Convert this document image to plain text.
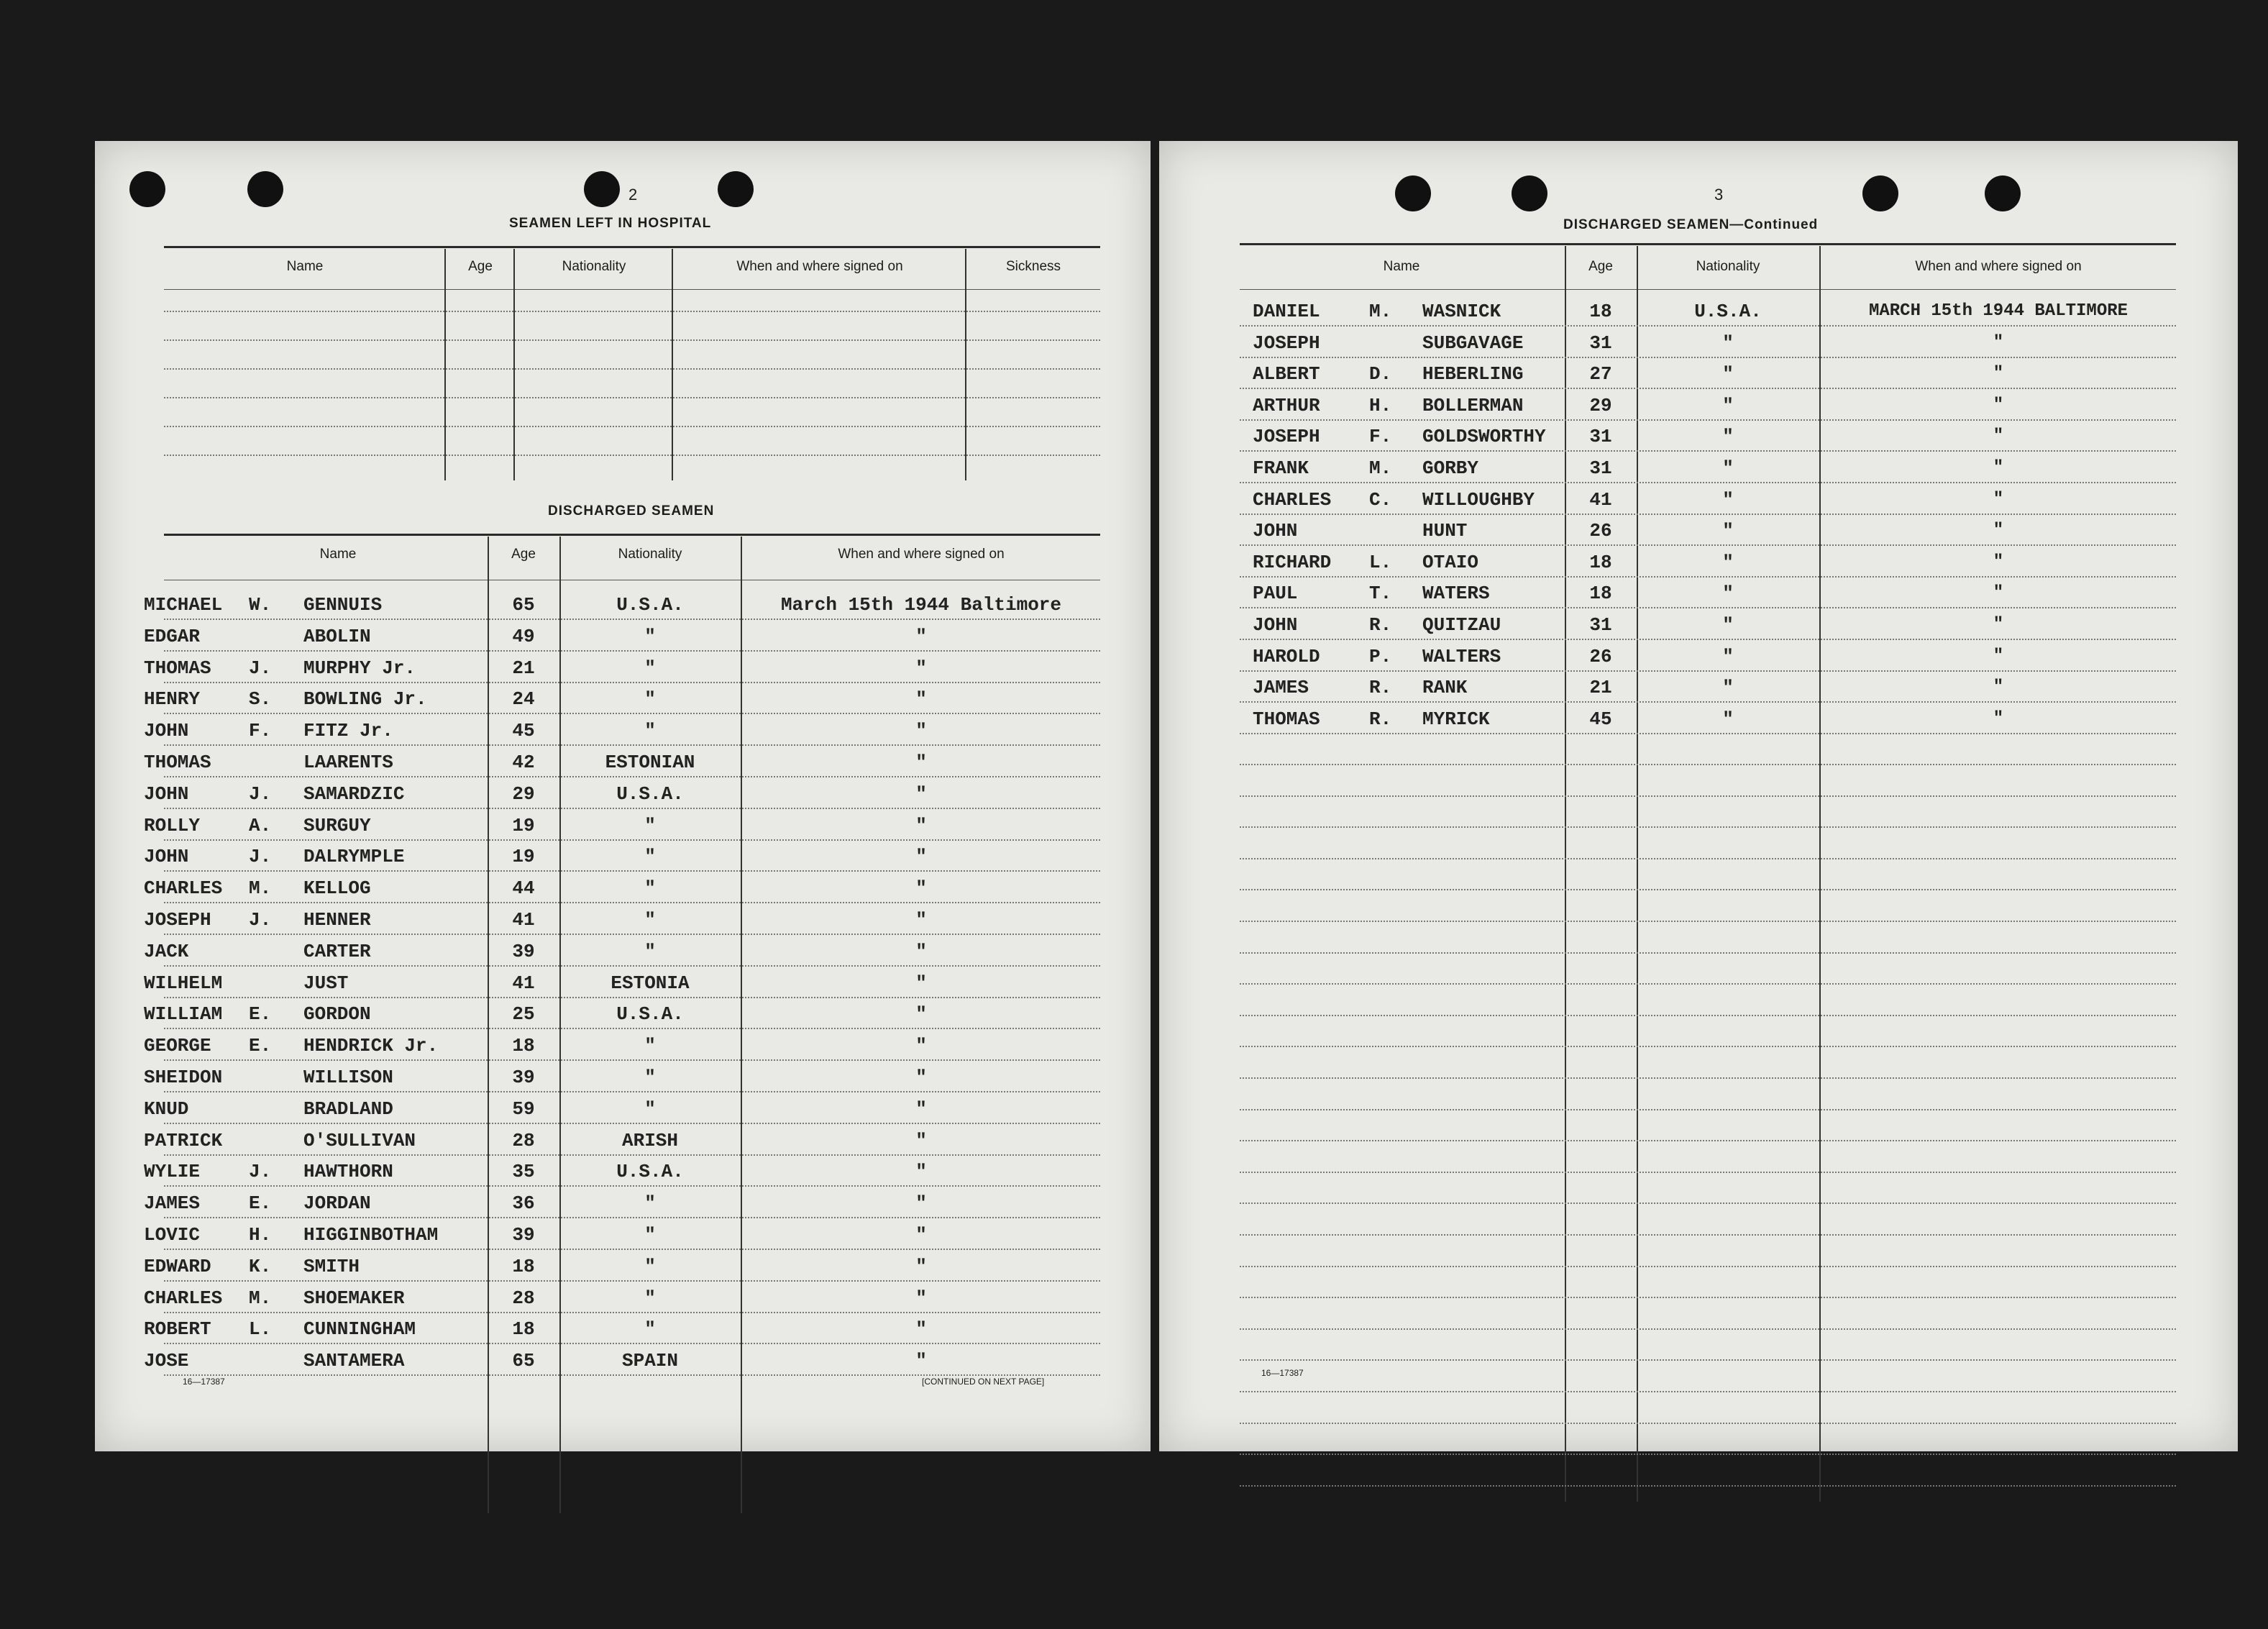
2
SEAMEN LEFT IN HOSPITAL
Name	Age	Nationality	When and where signed on	Sickness
DISCHARGED SEAMEN
Name	Age	Nationality	When and where signed on
MICHAEL W. GENNUIS	65	U.S.A.	March 15th 1944 Baltimore
EDGAR	ABOLIN	49	"	"
THOMAS J. MURPHY Jr.	21	"	"
HENRY	S. BOWLING Jr.	24	"	"
JOHN	F. FITZ Jr.	45	"	"
THOMAS	LAARENTS	42	ESTONIAN	"
JOHN	J. SAMARDZIC	29	U.S.A.	"
ROLLY	A. SURGUY	19	"	"
JOHN	J. DALRYMPLE	19	"	"
CHARLES M. KELLOG	44	"	"
JOSEPH J. HENNER	41	"	"
JACK	CARTER	39	"	"
WILHELM	JUST	41	ESTONIA	"
WILLIAM E. GORDON	25	U.S.A.	"
GEORGE E. HENDRICK Jr.	18	"	"
SHEIDON	WILLISON	39	"	"
KNUD	BRADLAND	59	"	"
PATRICK	O'SULLIVAN	28	ARISH	"
WYLIE	J. HAWTHORN	35	U.S.A.	"
JAMES	E. JORDAN	36	"	"
LOVIC	H. HIGGINBOTHAM	39	"	"
EDWARD K. SMITH	18	"	"
CHARLES M. SHOEMAKER	28	"	"
ROBERT L. CUNNINGHAM	18	"	"
JOSE	SANTAMERA	65	SPAIN	"
16—17387	[CONTINUED ON NEXT PAGE]
3
DISCHARGED SEAMEN—Continued
Name	Age	Nationality	When and where signed on
DANIEL	M. WASNICK	18	U.S.A.	MARCH 15th 1944 BALTIMORE
JOSEPH	SUBGAVAGE	31	"	"
ALBERT	D. HEBERLING	27	"	"
ARTHUR	H. BOLLERMAN	29	"	"
JOSEPH	F. GOLDSWORTHY	31	"	"
FRANK	M. GORBY	31	"	"
CHARLES C. WILLOUGHBY	41	"	"
JOHN	HUNT	26	"	"
RICHARD L. OTAIO	18	"	"
PAUL	T. WATERS	18	"	"
JOHN	R. QUITZAU	31	"	"
HAROLD	P. WALTERS	26	"	"
JAMES	R. RANK	21	"	"
THOMAS	R. MYRICK	45	"	"
16—17387
